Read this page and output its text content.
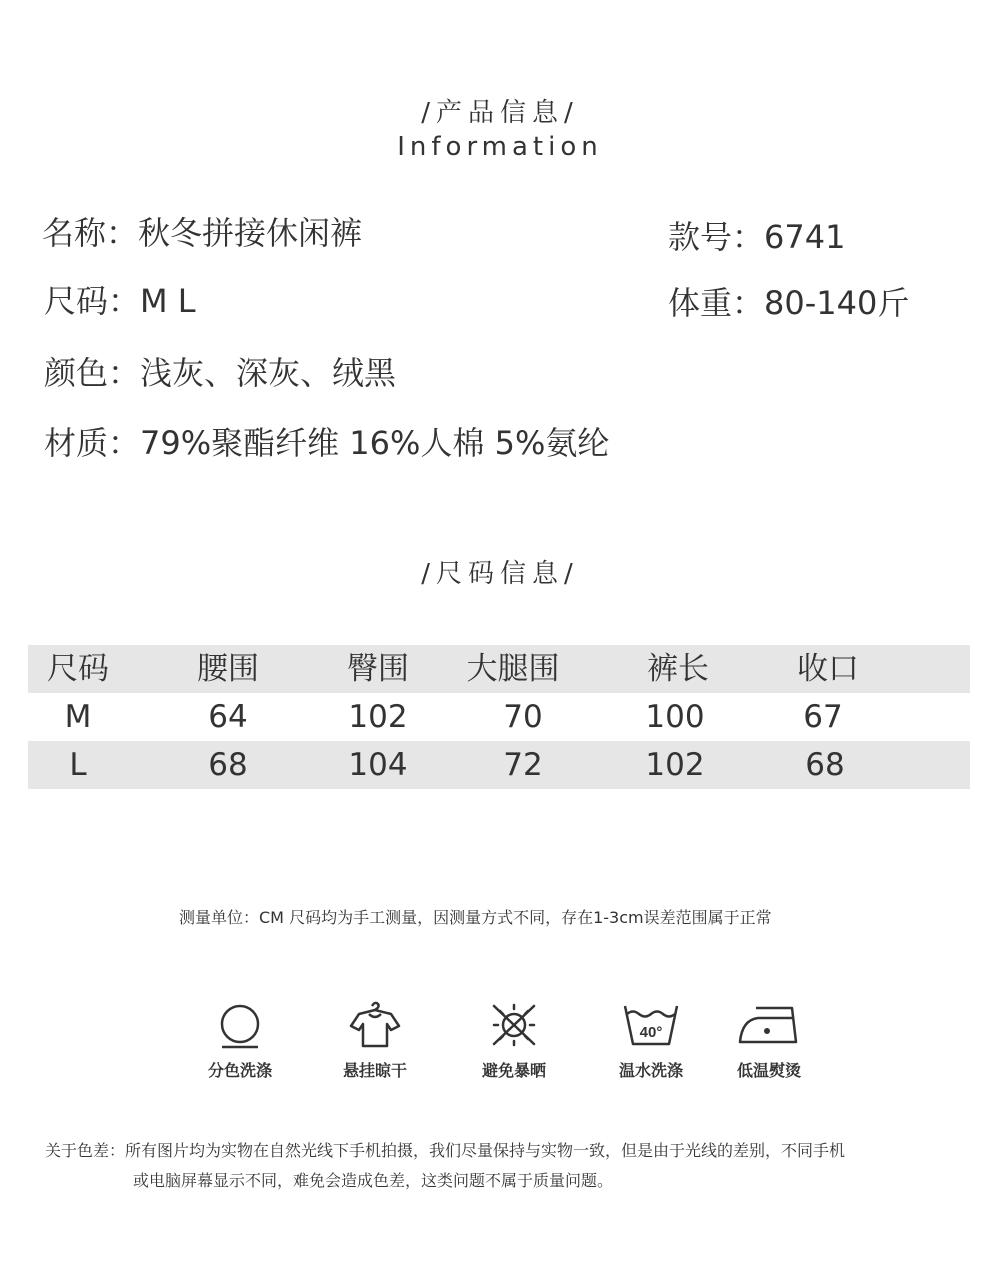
/产品信息/
Information
名称：秋冬拼接休闲裤	款号：6741
尺码：M L	体重：80-140斤
颜色：浅灰、深灰、绒黑
材质：79%聚酯纤维 16%人棉 5%氨纶
/尺码信息/
尺码	腰围	臀围	大腿围	裤长	收口
M	64	102	70	100	67
L	68	104	72	102	68
测量单位：CM 尺码均为手工测量，因测量方式不同，存在1-3cm误差范围属于正常
分色洗涤	悬挂晾干	避免暴晒
40°
温水洗涤	低温熨烫
关于色差：所有图片均为实物在自然光线下手机拍摄，我们尽量保持与实物一致，但是由于光线的差别，不同手机
或电脑屏幕显示不同，难免会造成色差，这类问题不属于质量问题。
